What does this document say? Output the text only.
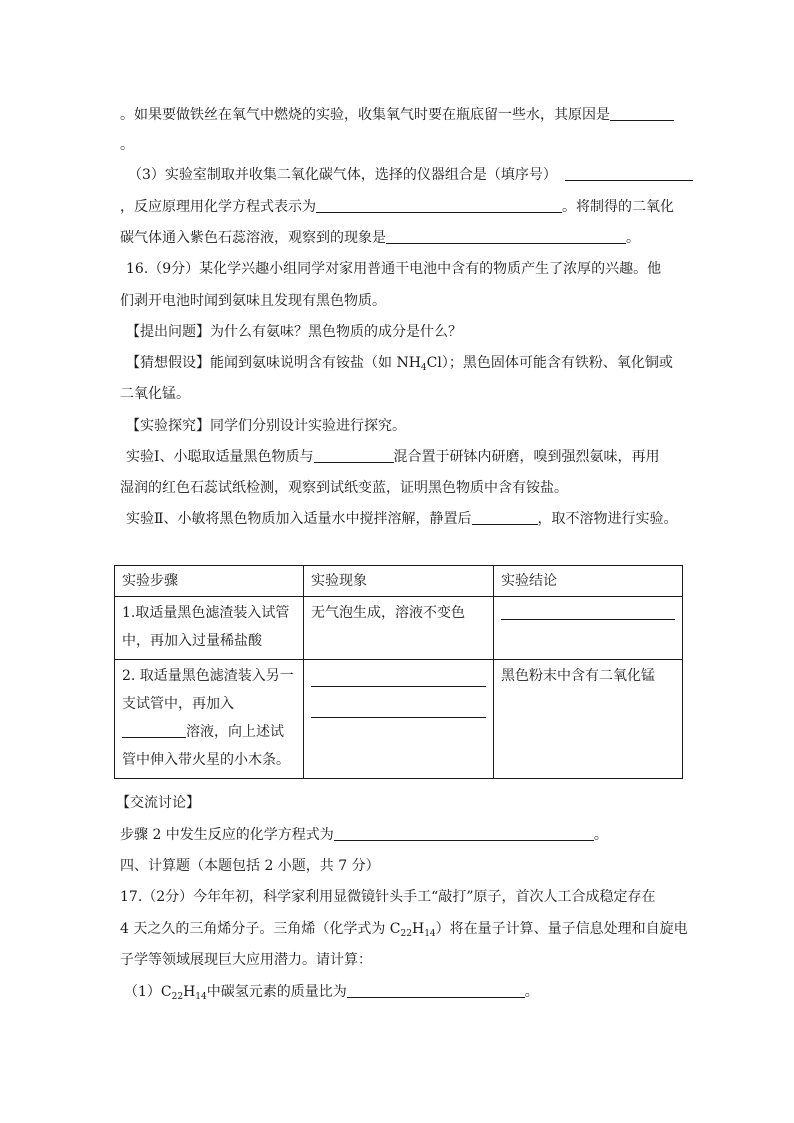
。如果要做铁丝在氧气中燃烧的实验，收集氧气时要在瓶底留一些水，其原因是
。
（3）实验室制取并收集二氧化碳气体，选择的仪器组合是（填序号）
，反应原理用化学方程式表示为	。将制得的二氧化
碳气体通入紫色石蕊溶液，观察到的现象是	。
16.（9分）某化学兴趣小组同学对家用普通干电池中含有的物质产生了浓厚的兴趣。他
们剥开电池时闻到氨味且发现有黑色物质。
【提出问题】为什么有氨味？黑色物质的成分是什么？
【猜想假设】能闻到氨味说明含有铵盐（如 $NH_4Cl$）；黑色固体可能含有铁粉、氧化铜或
二氧化锰。
【实验探究】同学们分别设计实验进行探究。
实验Ⅰ、小聪取适量黑色物质与	混合置于研钵内研磨，嗅到强烈氨味，再用
湿润的红色石蕊试纸检测，观察到试纸变蓝，证明黑色物质中含有铵盐。
实验Ⅱ、小敏将黑色物质加入适量水中搅拌溶解，静置后	，取不溶物进行实验。
实验步骤	实验现象	实验结论
1.取适量黑色滤渣装入试管中，再加入过量稀盐酸	无气泡生成，溶液不变色	

2. 取适量黑色滤渣装入另一支试管中，再加入溶液，向上述试管中伸入带火星的小木条。		黑色粉末中含有二氧化锰
【交流讨论】
步骤 2 中发生反应的化学方程式为	。
四、计算题（本题包括 2 小题，共 7 分）
17.（2分）今年年初，科学家利用显微镜针头手工“敲打”原子，首次人工合成稳定存在
4 天之久的三角烯分子。三角烯（化学式为 $C_{22}H_{14}$）将在量子计算、量子信息处理和自旋电
子学等领域展现巨大应用潜力。请计算：
$(1)C_{22}H_{14}$中碳氢元素的质量比为	。
